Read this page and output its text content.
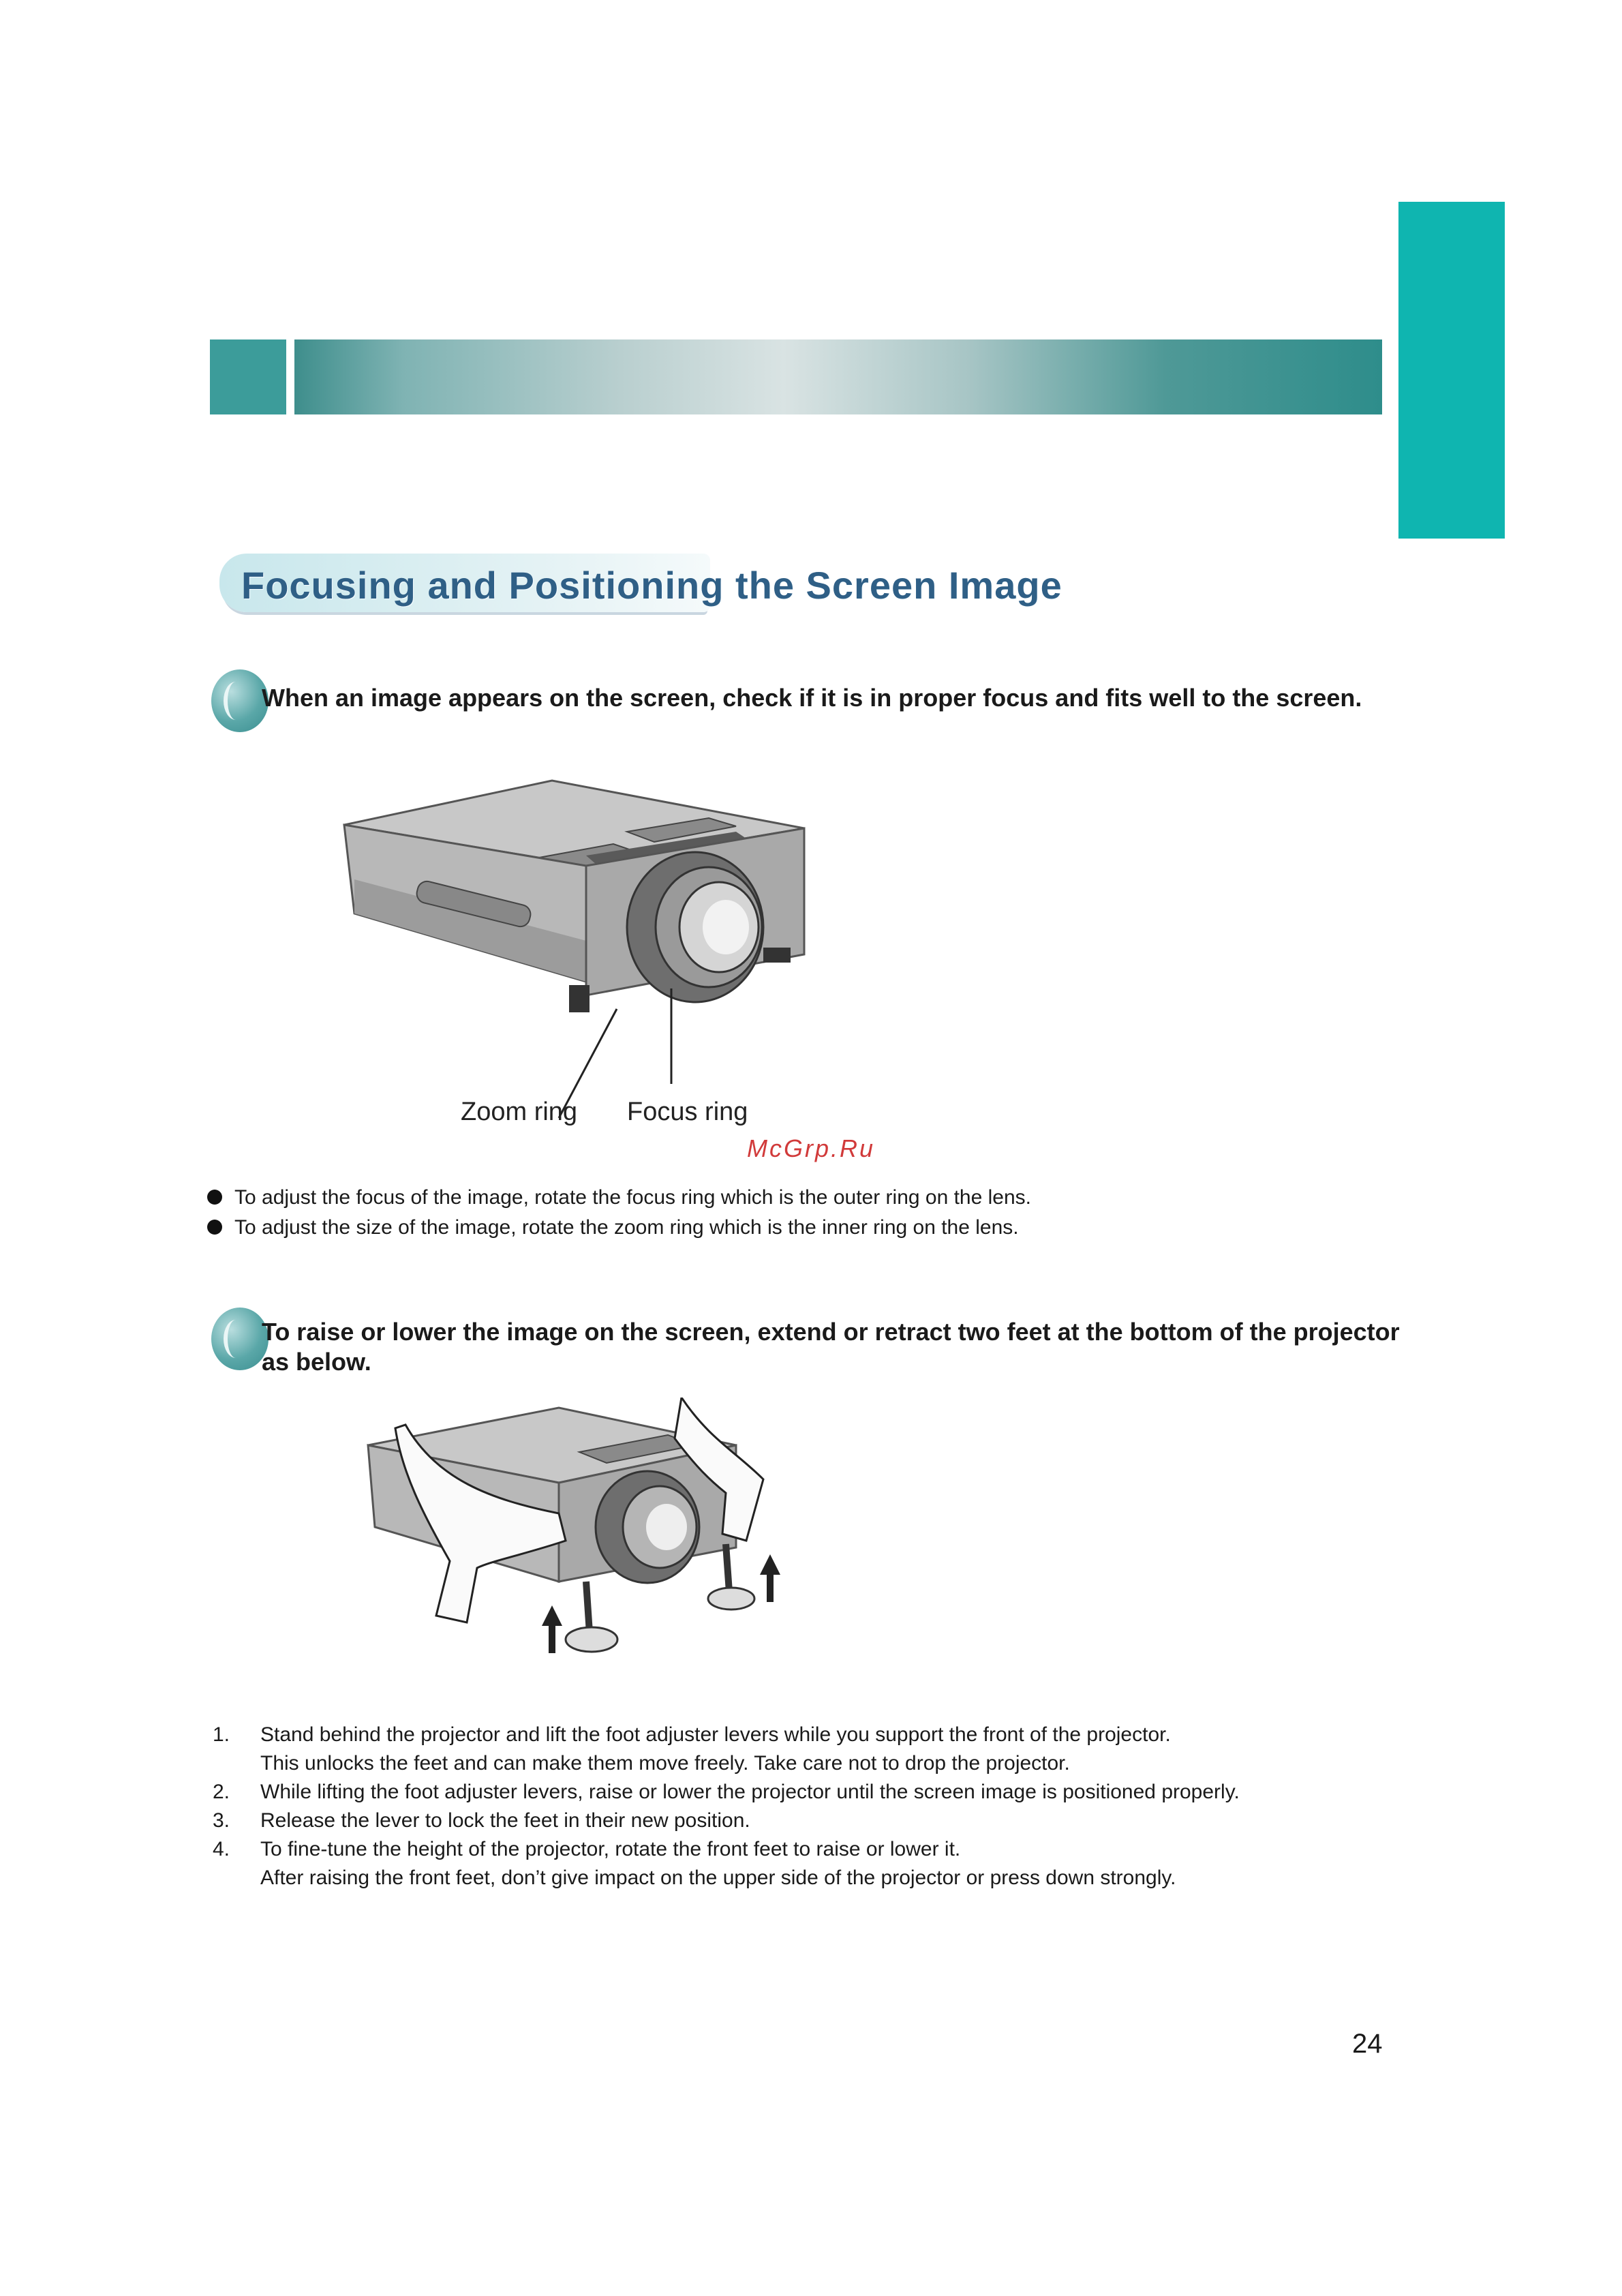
Focusing and Positioning the Screen Image
When an image appears on the screen, check if it is in proper focus and fits well to the screen.
Zoom ring Focus ring
McGrp.Ru
To adjust the focus of the image, rotate the focus ring which is the outer ring on the lens.
To adjust the size of the image, rotate the zoom ring which is the inner ring on the lens.
To raise or lower the image on the screen, extend or retract two feet at the bottom of the projector
as below.
1. Stand behind the projector and lift the foot adjuster levers while you support the front of the projector.
This unlocks the feet and can make them move freely. Take care not to drop the projector.
2. While lifting the foot adjuster levers, raise or lower the projector until the screen image is positioned properly.
3. Release the lever to lock the feet in their new position.
4. To fine-tune the height of the projector, rotate the front feet to raise or lower it.
After raising the front feet, don’t give impact on the upper side of the projector or press down strongly.
24
